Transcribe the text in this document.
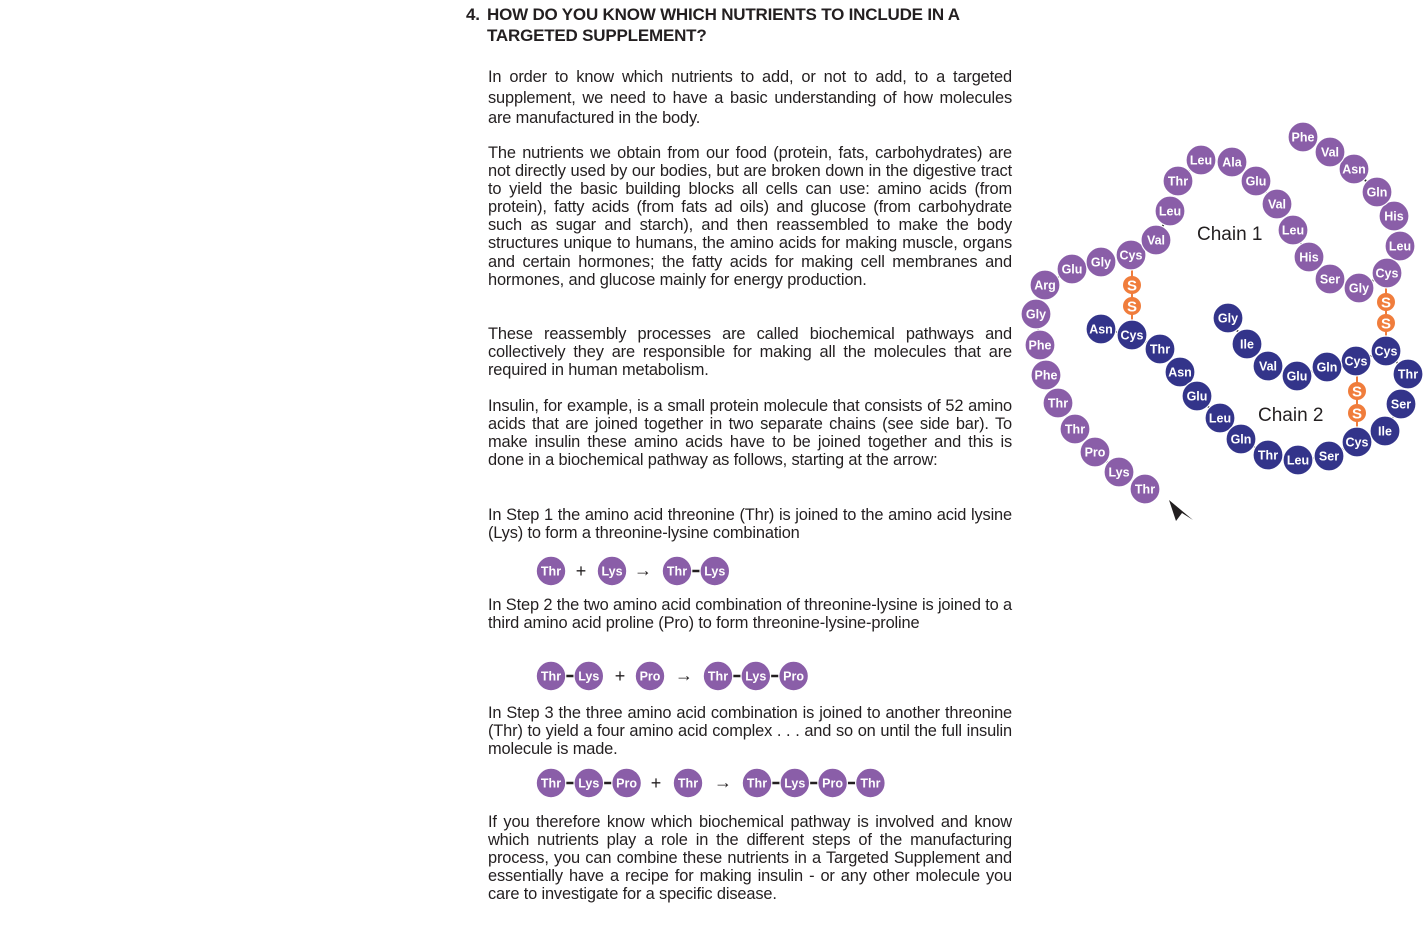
4. HOW DO YOU KNOW WHICH NUTRIENTS TO INCLUDE IN A TARGETED SUPPLEMENT?

In order to know which nutrients to add, or not to add, to a targeted supplement, we need to have a basic understanding of how molecules are manufactured in the body.

The nutrients we obtain from our food (protein, fats, carbohydrates) are not directly used by our bodies, but are broken down in the digestive tract to yield the basic building blocks all cells can use: amino acids (from protein), fatty acids (from fats ad oils) and glucose (from carbohydrate such as sugar and starch), and then reassembled to make the body structures unique to humans, the amino acids for making muscle, organs and certain hormones; the fatty acids for making cell membranes and hormones, and glucose mainly for energy production.

These reassembly processes are called biochemical pathways and collectively they are responsible for making all the molecules that are required in human metabolism.

Insulin, for example, is a small protein molecule that consists of 52 amino acids that are joined together in two separate chains (see side bar). To make insulin these amino acids have to be joined together and this is done in a biochemical pathway as follows, starting at the arrow:

In Step 1 the amino acid threonine (Thr) is joined to the amino acid lysine (Lys) to form a threonine-lysine combination

In Step 2 the two amino acid combination of threonine-lysine is joined to a third amino acid proline (Pro) to form threonine-lysine-proline

In Step 3 the three amino acid combination is joined to another threonine (Thr) to yield a four amino acid complex . . . and so on until the full insulin molecule is made.

If you therefore know which biochemical pathway is involved and know which nutrients play a role in the different steps of the manufacturing process, you can combine these nutrients in a Targeted Supplement and essentially have a recipe for making insulin - or any other molecule you care to investigate for a specific disease.

Thr	Lys
+	→ Thr Lys
Thr Lys	Pro
+	→ Thr Lys Pro
Thr Lys Pro	Thr
+	→ Thr Lys Pro Thr
S
S	S
S
S
S
Thr
Lys
Pro
Thr
Thr
Phe
Phe
Gly
Arg
Glu Gly Cys
Val
Leu
Thr
Leu Ala
Glu
Val
Leu
His
Ser
Gly
Cys
Leu
His
Gln
Asn
Val
Phe
Asn Cys
Thr
Asn
Glu
Leu
Gln
Thr Leu Ser
Cys
Ile
Ser
Thr
Cys
Cys
Gln
Glu
Val
Ile
Gly
Chain 1
Chain 2
